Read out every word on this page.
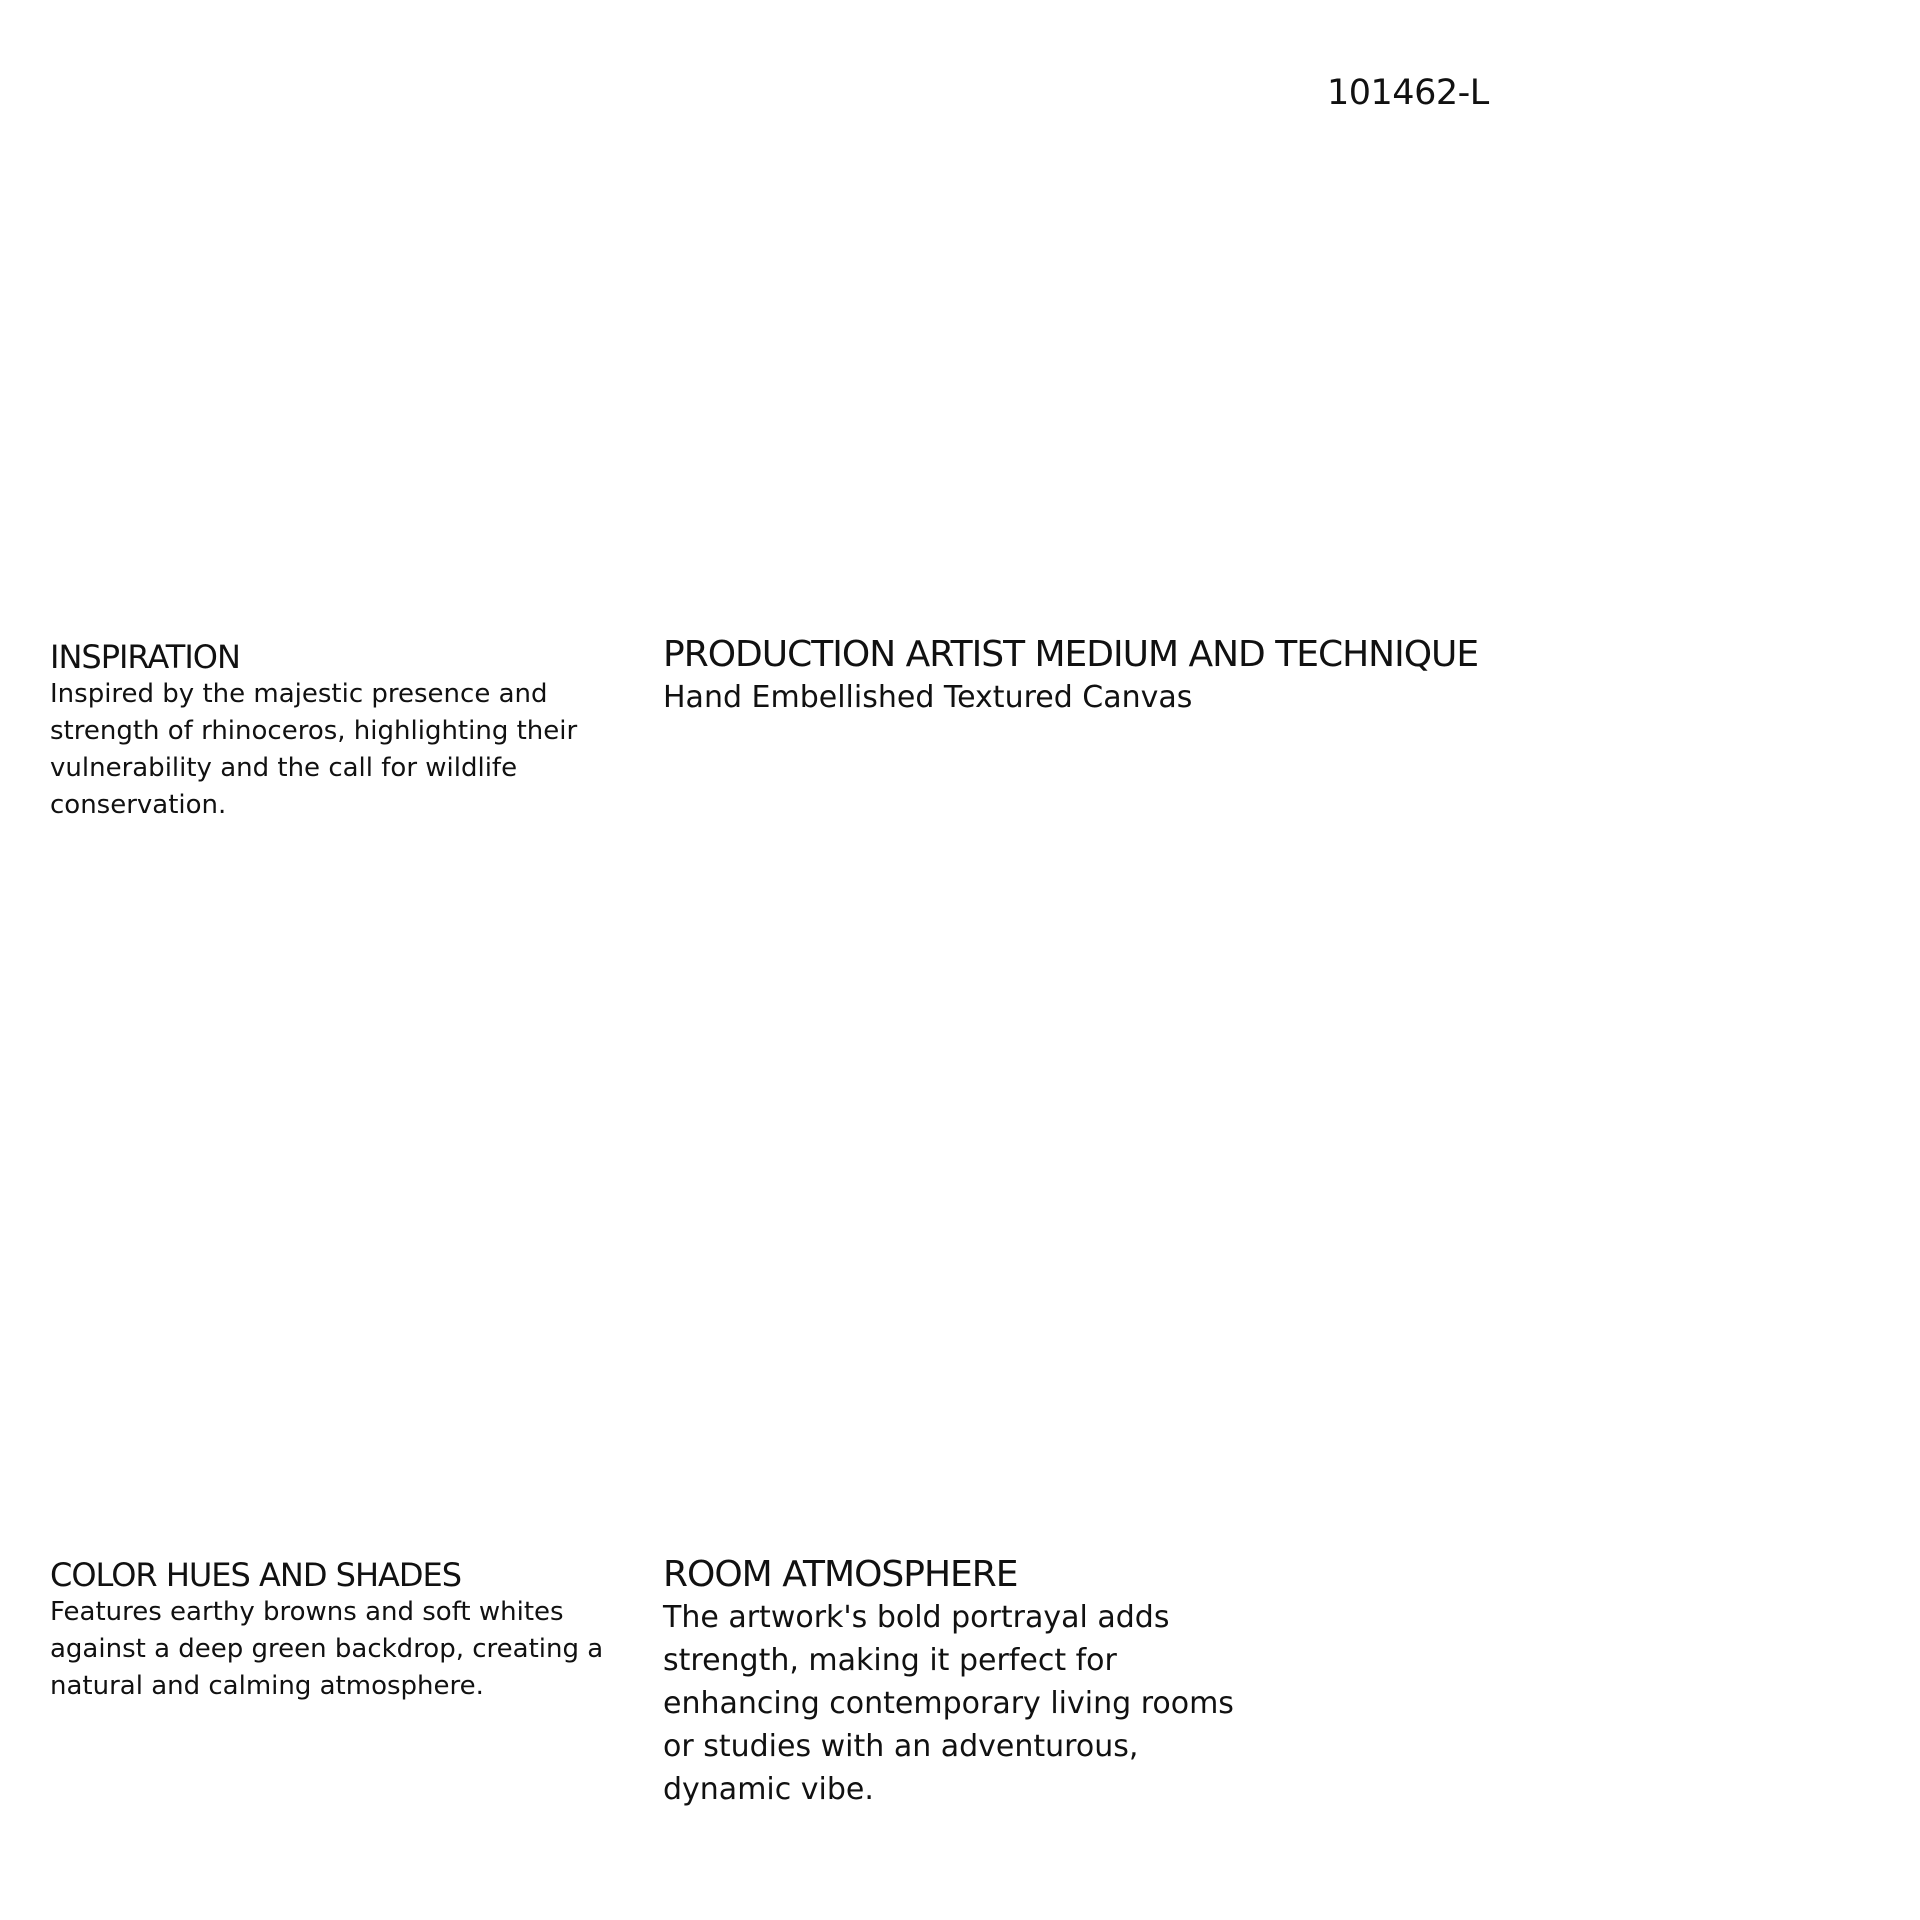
101462-L
INSPIRATION

Inspired by the majestic presence and
strength of rhinoceros, highlighting their
vulnerability and the call for wildlife
conservation.

PRODUCTION ARTIST MEDIUM AND TECHNIQUE

Hand Embellished Textured Canvas

COLOR HUES AND SHADES

Features earthy browns and soft whites
against a deep green backdrop, creating a
natural and calming atmosphere.

ROOM ATMOSPHERE

The artwork's bold portrayal adds
strength, making it perfect for
enhancing contemporary living rooms
or studies with an adventurous,
dynamic vibe.
